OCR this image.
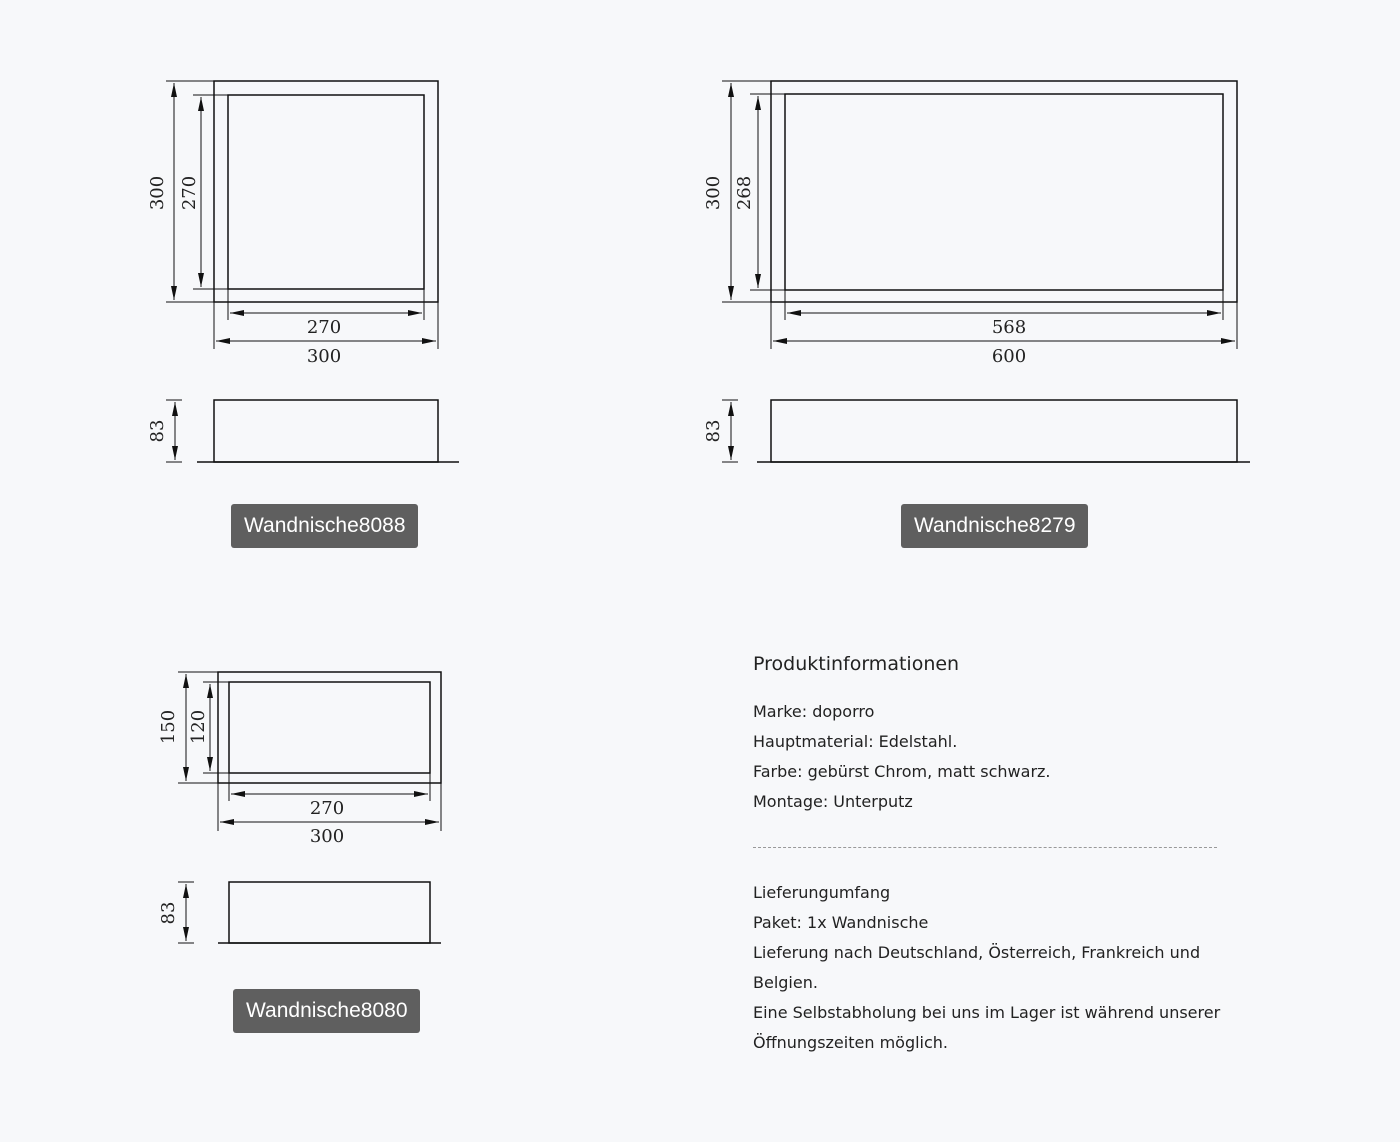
300 270
270
300
83
300 268
568
600
83
150 120
270
300
83
Wandnische8088	Wandnische8279
Wandnische8080
Produktinformationen

Marke: doporro

Hauptmaterial: Edelstahl.

Farbe: gebürst Chrom, matt schwarz.

Montage: Unterputz

Lieferungumfang

Paket: 1x Wandnische

Lieferung nach Deutschland, Österreich, Frankreich und Belgien.

Eine Selbstabholung bei uns im Lager ist während unserer Öffnungszeiten möglich.
